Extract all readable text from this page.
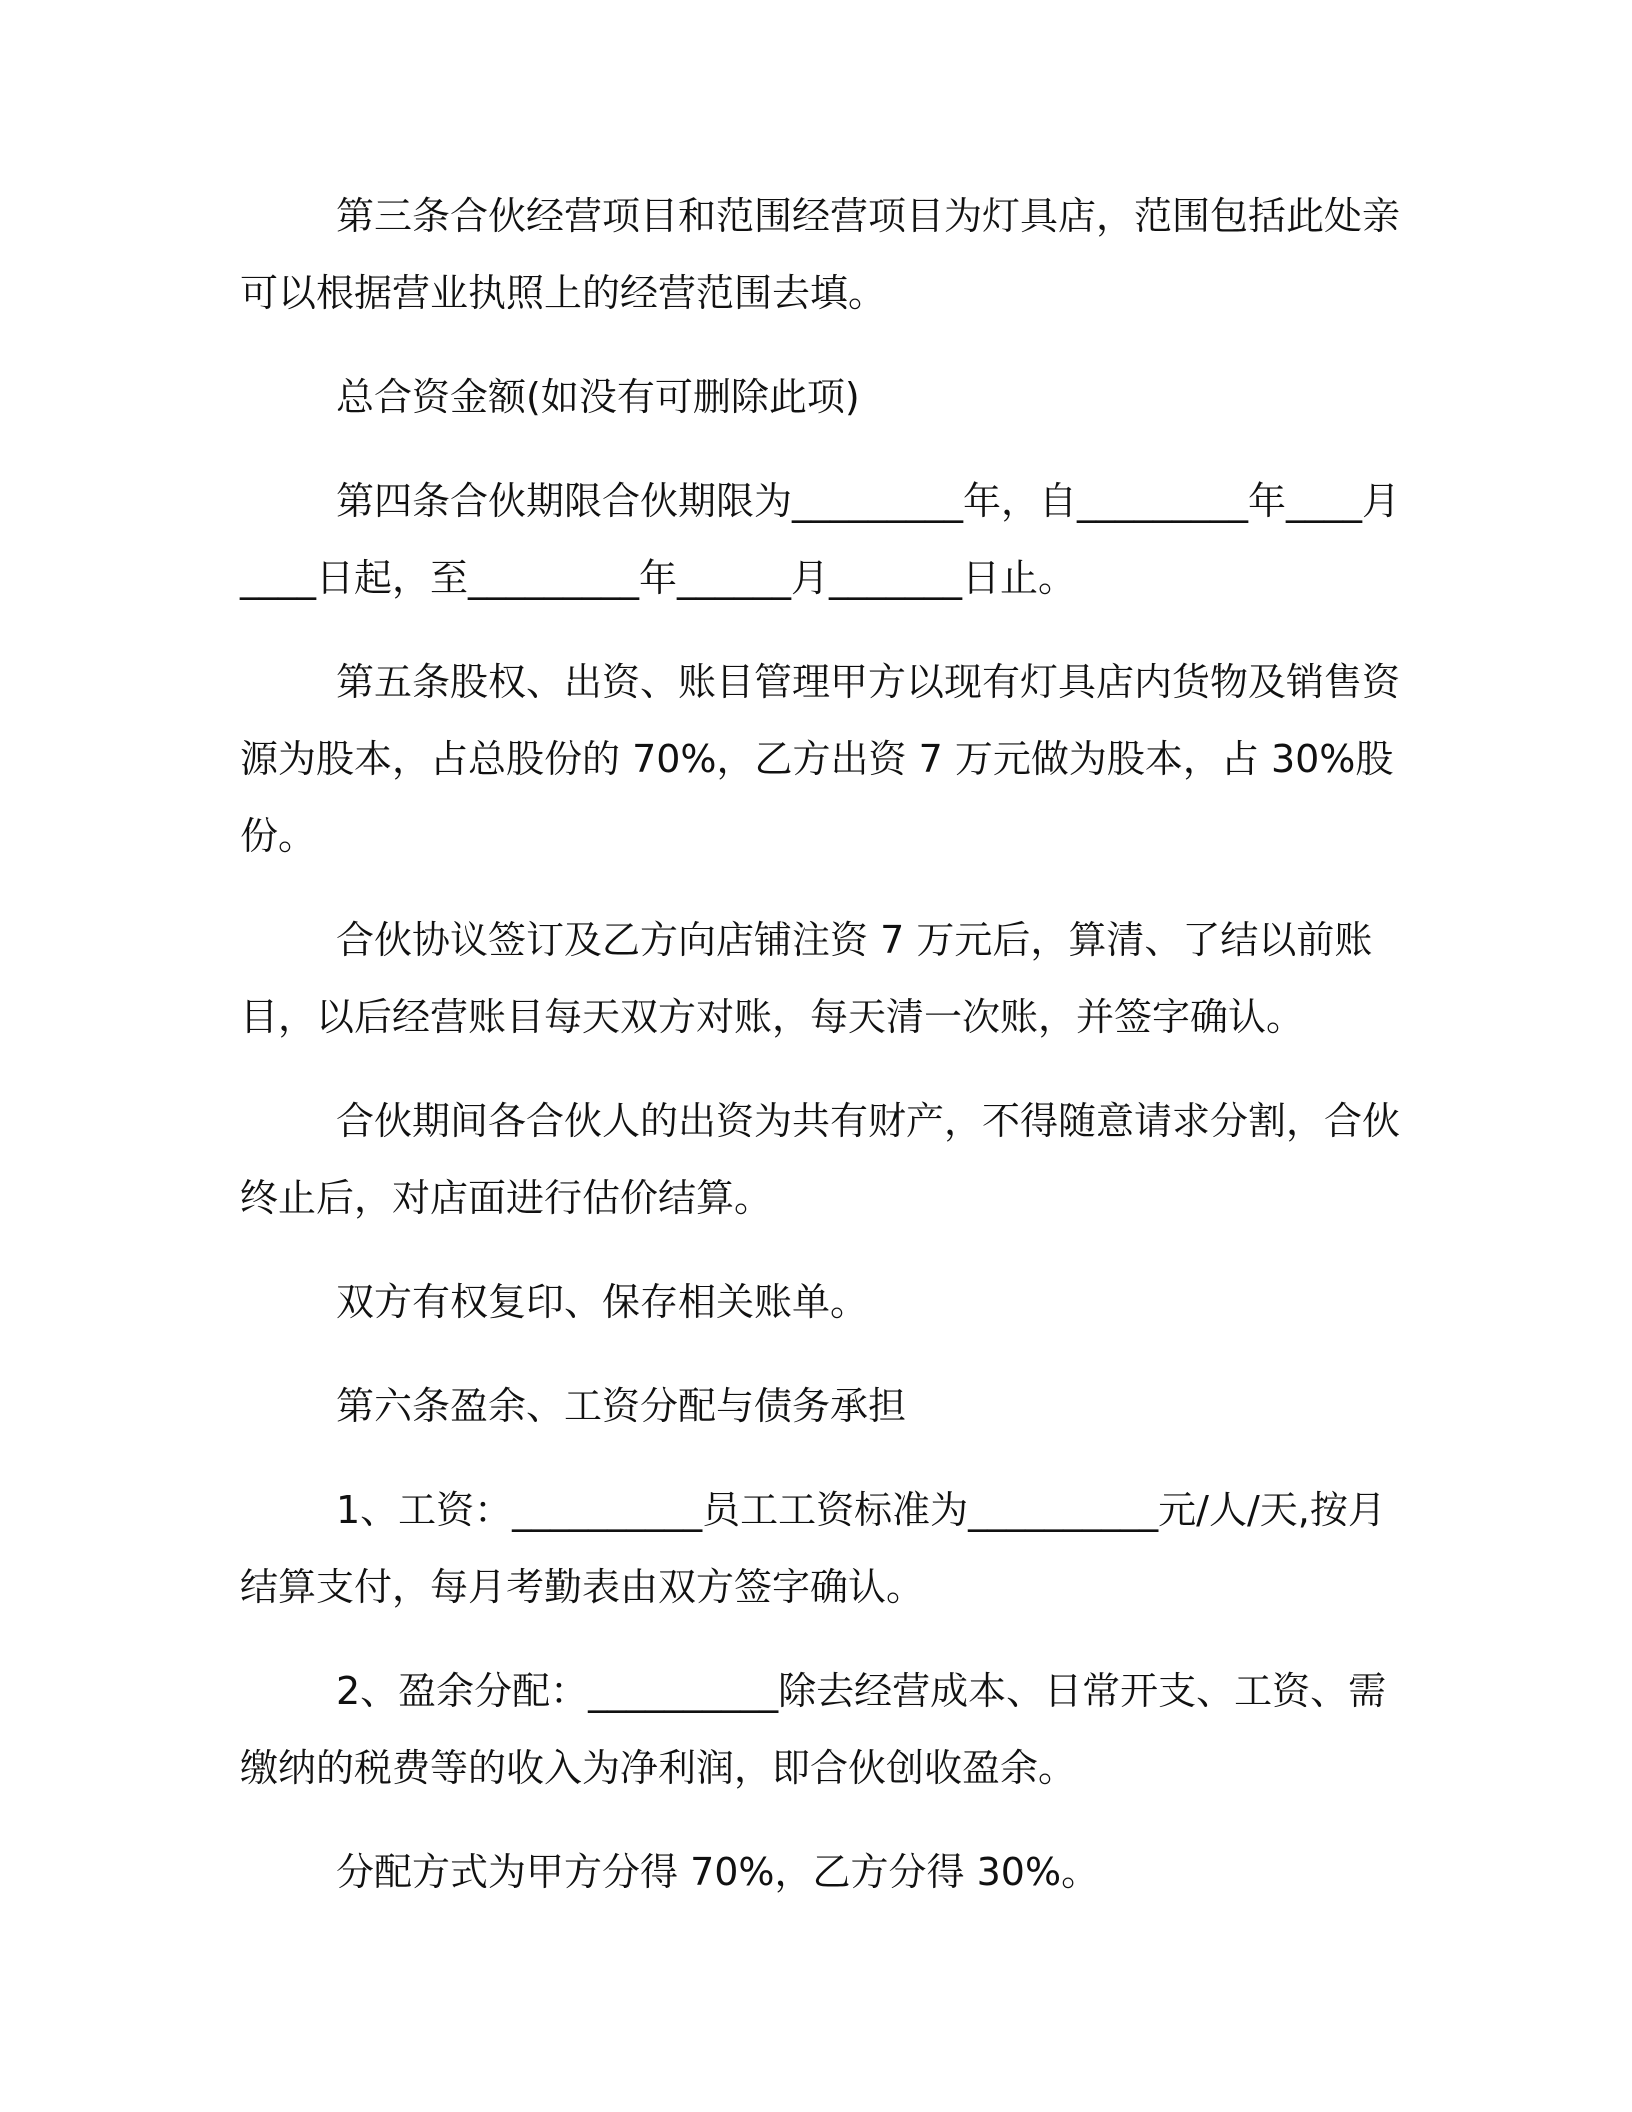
第三条合伙经营项目和范围经营项目为灯具店，范围包括此处亲可以根据营业执照上的经营范围去填。

总合资金额(如没有可删除此项)

第四条合伙期限合伙期限为_________年，自_________年____月____日起，至_________年______月_______日止。

第五条股权、出资、账目管理甲方以现有灯具店内货物及销售资源为股本，占总股份的 70%，乙方出资 7 万元做为股本，占 30%股份。

合伙协议签订及乙方向店铺注资 7 万元后，算清、了结以前账目，以后经营账目每天双方对账，每天清一次账，并签字确认。

合伙期间各合伙人的出资为共有财产，不得随意请求分割，合伙终止后，对店面进行估价结算。

双方有权复印、保存相关账单。

第六条盈余、工资分配与债务承担

1、工资：__________员工工资标准为__________元/人/天,按月结算支付，每月考勤表由双方签字确认。

2、盈余分配：__________除去经营成本、日常开支、工资、需缴纳的税费等的收入为净利润，即合伙创收盈余。

分配方式为甲方分得 70%，乙方分得 30%。
